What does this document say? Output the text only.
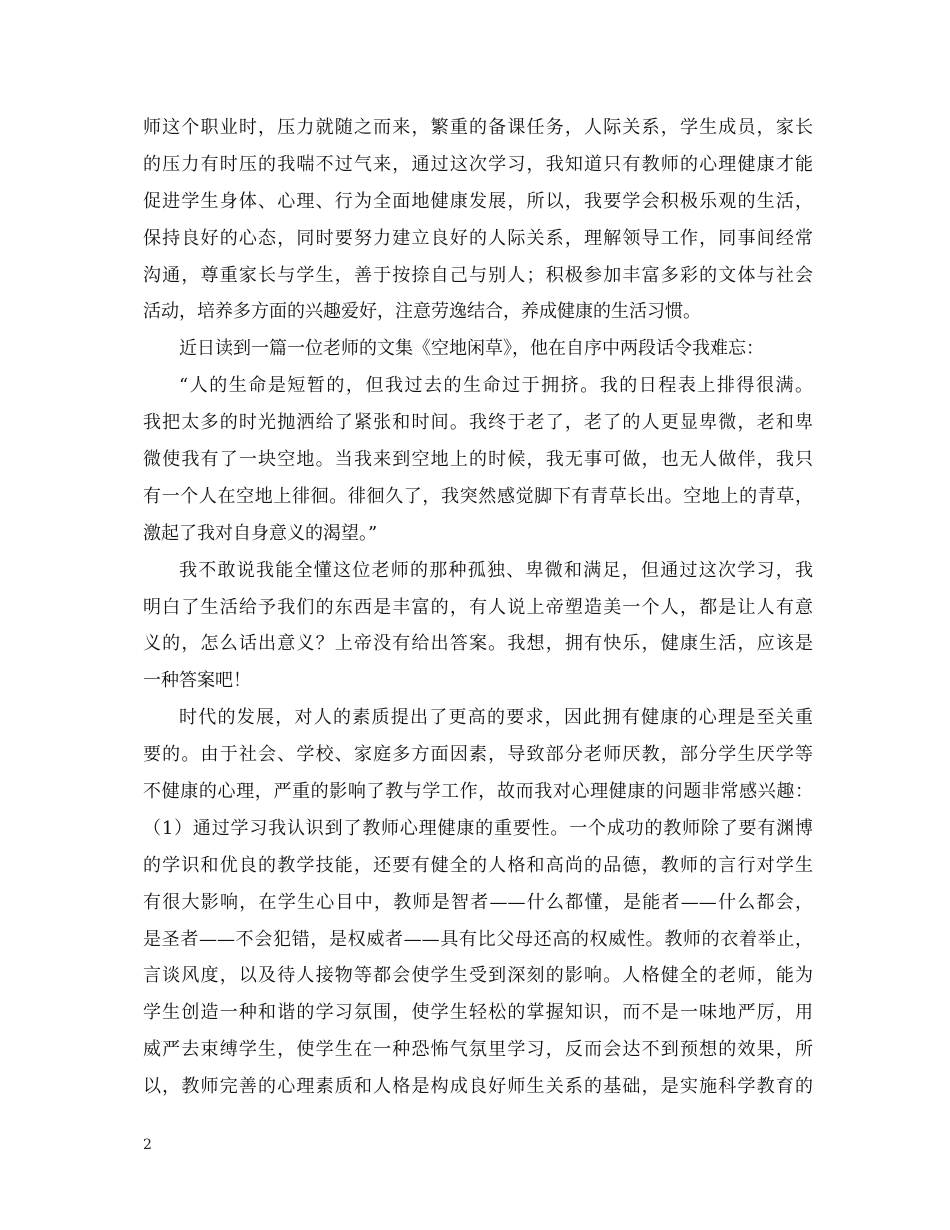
师这个职业时，压力就随之而来，繁重的备课任务，人际关系，学生成员，家长
的压力有时压的我喘不过气来，通过这次学习，我知道只有教师的心理健康才能
促进学生身体、心理、行为全面地健康发展，所以，我要学会积极乐观的生活，
保持良好的心态，同时要努力建立良好的人际关系，理解领导工作，同事间经常
沟通，尊重家长与学生，善于按捺自己与别人；积极参加丰富多彩的文体与社会
活动，培养多方面的兴趣爱好，注意劳逸结合，养成健康的生活习惯。
近日读到一篇一位老师的文集《空地闲草》，他在自序中两段话令我难忘：
“人的生命是短暂的，但我过去的生命过于拥挤。我的日程表上排得很满。
我把太多的时光抛洒给了紧张和时间。我终于老了，老了的人更显卑微，老和卑
微使我有了一块空地。当我来到空地上的时候，我无事可做，也无人做伴，我只
有一个人在空地上徘徊。徘徊久了，我突然感觉脚下有青草长出。空地上的青草，
激起了我对自身意义的渴望。”
我不敢说我能全懂这位老师的那种孤独、卑微和满足，但通过这次学习，我
明白了生活给予我们的东西是丰富的，有人说上帝塑造美一个人，都是让人有意
义的，怎么话出意义？上帝没有给出答案。我想，拥有快乐，健康生活，应该是
一种答案吧！
时代的发展，对人的素质提出了更高的要求，因此拥有健康的心理是至关重
要的。由于社会、学校、家庭多方面因素，导致部分老师厌教，部分学生厌学等
不健康的心理，严重的影响了教与学工作，故而我对心理健康的问题非常感兴趣：
（1）通过学习我认识到了教师心理健康的重要性。一个成功的教师除了要有渊博
的学识和优良的教学技能，还要有健全的人格和高尚的品德，教师的言行对学生
有很大影响，在学生心目中，教师是智者——什么都懂，是能者——什么都会，
是圣者——不会犯错，是权威者——具有比父母还高的权威性。教师的衣着举止，
言谈风度，以及待人接物等都会使学生受到深刻的影响。人格健全的老师，能为
学生创造一种和谐的学习氛围，使学生轻松的掌握知识，而不是一味地严厉，用
威严去束缚学生，使学生在一种恐怖气氛里学习，反而会达不到预想的效果，所
以，教师完善的心理素质和人格是构成良好师生关系的基础，是实施科学教育的
2
